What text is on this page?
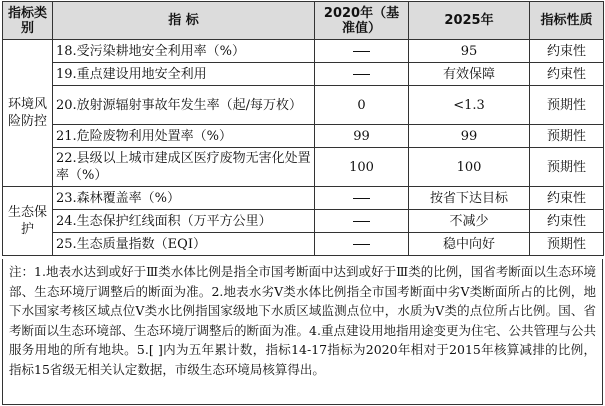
指标类别	指 标	2020年（基准值）	2025年	指标性质
环境风险防控	18.受污染耕地安全利用率（%）		95	约束性
	19.重点建设用地安全利用		有效保障	约束性
	20.放射源辐射事故年发生率（起/每万枚）	0	<1.3	预期性
	21.危险废物利用处置率（%）	99	99	预期性
	22.县级以上城市建成区医疗废物无害化处置率（%）	100	100	预期性
生态保护	23.森林覆盖率（%）		按省下达目标	约束性
	24.生态保护红线面积（万平方公里）		不减少	约束性
	25.生态质量指数（EQI）		稳中向好	预期性
注：1.地表水达到或好于Ⅲ类水体比例是指全市国考断面中达到或好于Ⅲ类的比例，国省考断面以生态环境部、生态环境厅调整后的断面为准。2.地表水劣Ⅴ类水体比例指全市国考断面中劣Ⅴ类断面所占的比例，地下水国家考核区域点位Ⅴ类水比例指国家级地下水质区域监测点位中，水质为Ⅴ类的点位所占比例。国、省考断面以生态环境部、生态环境厅调整后的断面为准。4.重点建设用地指用途变更为住宅、公共管理与公共服务用地的所有地块。5.[ ]内为五年累计数，指标14-17指标为2020年相对于2015年核算减排的比例，指标15省级无相关认定数据，市级生态环境局核算得出。
